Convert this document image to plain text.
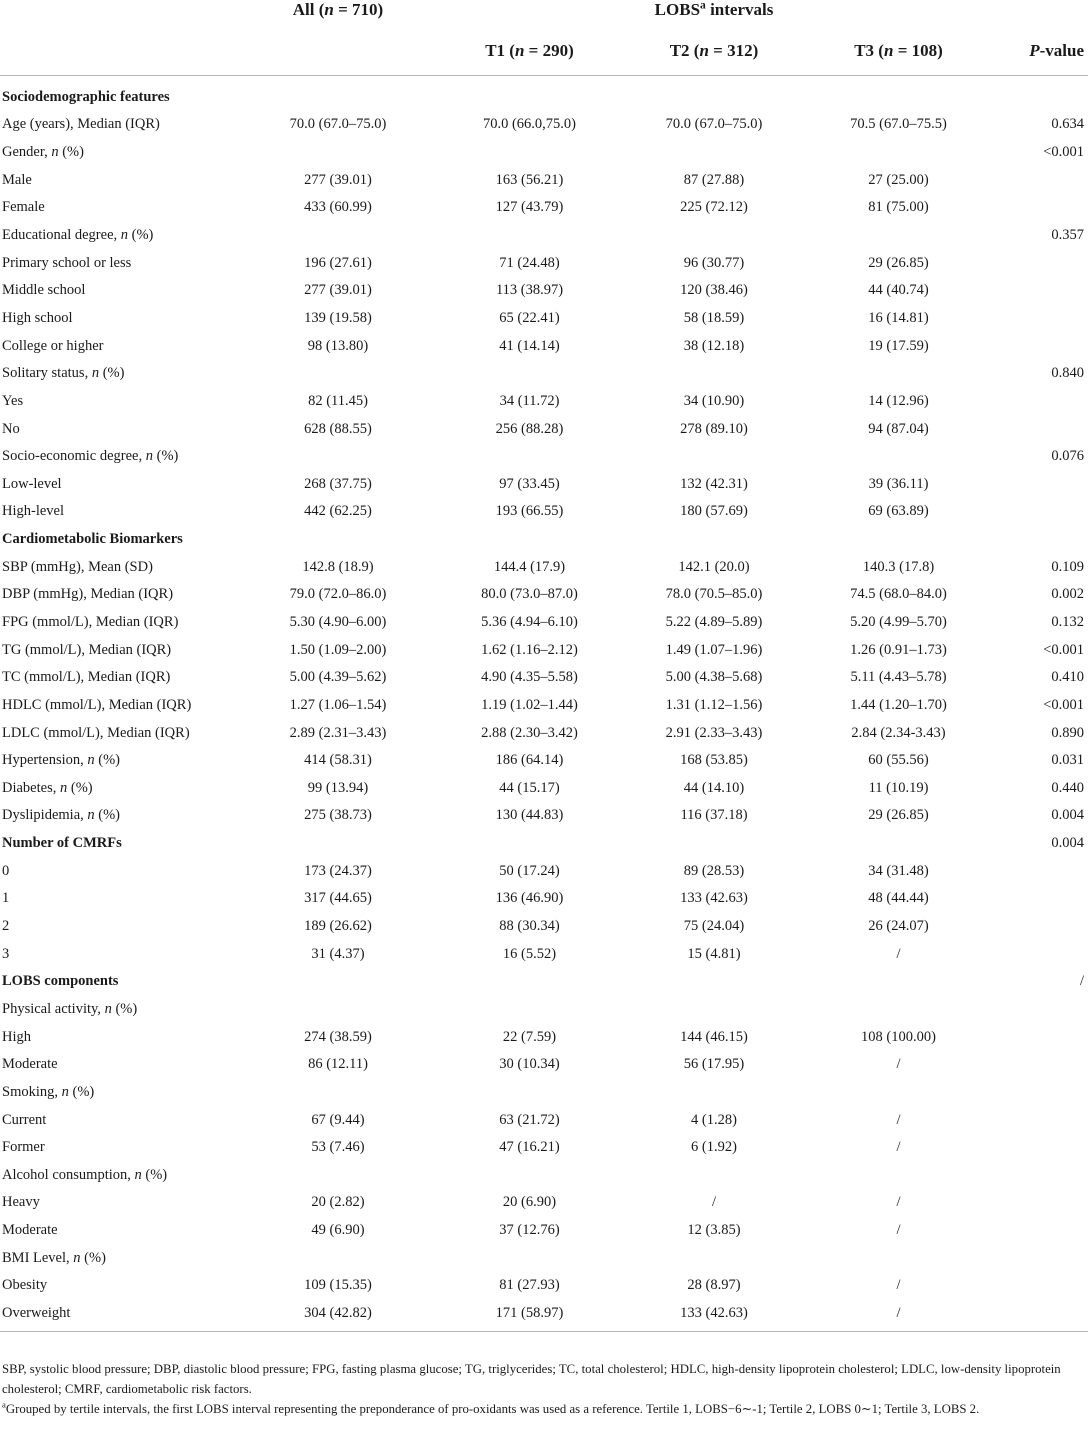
	All (n = 710)	LOBS$^a$ intervals			
		T1 (n = 290)	T2 (n = 312)	T3 (n = 108)	P-value
Sociodemographic features					
Age (years), Median (IQR)	70.0 (67.0–75.0)	70.0 (66.0,75.0)	70.0 (67.0–75.0)	70.5 (67.0–75.5)	0.634
Gender, n (%)					<0.001
Male	277 (39.01)	163 (56.21)	87 (27.88)	27 (25.00)	
Female	433 (60.99)	127 (43.79)	225 (72.12)	81 (75.00)	
Educational degree, n (%)					0.357
Primary school or less	196 (27.61)	71 (24.48)	96 (30.77)	29 (26.85)	
Middle school	277 (39.01)	113 (38.97)	120 (38.46)	44 (40.74)	
High school	139 (19.58)	65 (22.41)	58 (18.59)	16 (14.81)	
College or higher	98 (13.80)	41 (14.14)	38 (12.18)	19 (17.59)	
Solitary status, n (%)					0.840
Yes	82 (11.45)	34 (11.72)	34 (10.90)	14 (12.96)	
No	628 (88.55)	256 (88.28)	278 (89.10)	94 (87.04)	
Socio-economic degree, n (%)					0.076
Low-level	268 (37.75)	97 (33.45)	132 (42.31)	39 (36.11)	
High-level	442 (62.25)	193 (66.55)	180 (57.69)	69 (63.89)	
Cardiometabolic Biomarkers					
SBP (mmHg), Mean (SD)	142.8 (18.9)	144.4 (17.9)	142.1 (20.0)	140.3 (17.8)	0.109
DBP (mmHg), Median (IQR)	79.0 (72.0–86.0)	80.0 (73.0–87.0)	78.0 (70.5–85.0)	74.5 (68.0–84.0)	0.002
FPG (mmol/L), Median (IQR)	5.30 (4.90–6.00)	5.36 (4.94–6.10)	5.22 (4.89–5.89)	5.20 (4.99–5.70)	0.132
TG (mmol/L), Median (IQR)	1.50 (1.09–2.00)	1.62 (1.16–2.12)	1.49 (1.07–1.96)	1.26 (0.91–1.73)	<0.001
TC (mmol/L), Median (IQR)	5.00 (4.39–5.62)	4.90 (4.35–5.58)	5.00 (4.38–5.68)	5.11 (4.43–5.78)	0.410
HDLC (mmol/L), Median (IQR)	1.27 (1.06–1.54)	1.19 (1.02–1.44)	1.31 (1.12–1.56)	1.44 (1.20–1.70)	<0.001
LDLC (mmol/L), Median (IQR)	2.89 (2.31–3.43)	2.88 (2.30–3.42)	2.91 (2.33–3.43)	2.84 (2.34-3.43)	0.890
Hypertension, n (%)	414 (58.31)	186 (64.14)	168 (53.85)	60 (55.56)	0.031
Diabetes, n (%)	99 (13.94)	44 (15.17)	44 (14.10)	11 (10.19)	0.440
Dyslipidemia, n (%)	275 (38.73)	130 (44.83)	116 (37.18)	29 (26.85)	0.004
Number of CMRFs					0.004
0	173 (24.37)	50 (17.24)	89 (28.53)	34 (31.48)	
1	317 (44.65)	136 (46.90)	133 (42.63)	48 (44.44)	
2	189 (26.62)	88 (30.34)	75 (24.04)	26 (24.07)	
3	31 (4.37)	16 (5.52)	15 (4.81)	/	
LOBS components					/
Physical activity, n (%)					
High	274 (38.59)	22 (7.59)	144 (46.15)	108 (100.00)	
Moderate	86 (12.11)	30 (10.34)	56 (17.95)	/	
Smoking, n (%)					
Current	67 (9.44)	63 (21.72)	4 (1.28)	/	
Former	53 (7.46)	47 (16.21)	6 (1.92)	/	
Alcohol consumption, n (%)					
Heavy	20 (2.82)	20 (6.90)	/	/	
Moderate	49 (6.90)	37 (12.76)	12 (3.85)	/	
BMI Level, n (%)					
Obesity	109 (15.35)	81 (27.93)	28 (8.97)	/	
Overweight	304 (42.82)	171 (58.97)	133 (42.63)	/	

SBP, systolic blood pressure; DBP, diastolic blood pressure; FPG, fasting plasma glucose; TG, triglycerides; TC, total cholesterol; HDLC, high-density lipoprotein cholesterol; LDLC, low-density lipoprotein cholesterol; CMRF, cardiometabolic risk factors.

$^a$Grouped by tertile intervals, the first LOBS interval representing the preponderance of pro-oxidants was used as a reference. Tertile 1, LOBS−6∼-1; Tertile 2, LOBS 0∼1; Tertile 3, LOBS 2.
